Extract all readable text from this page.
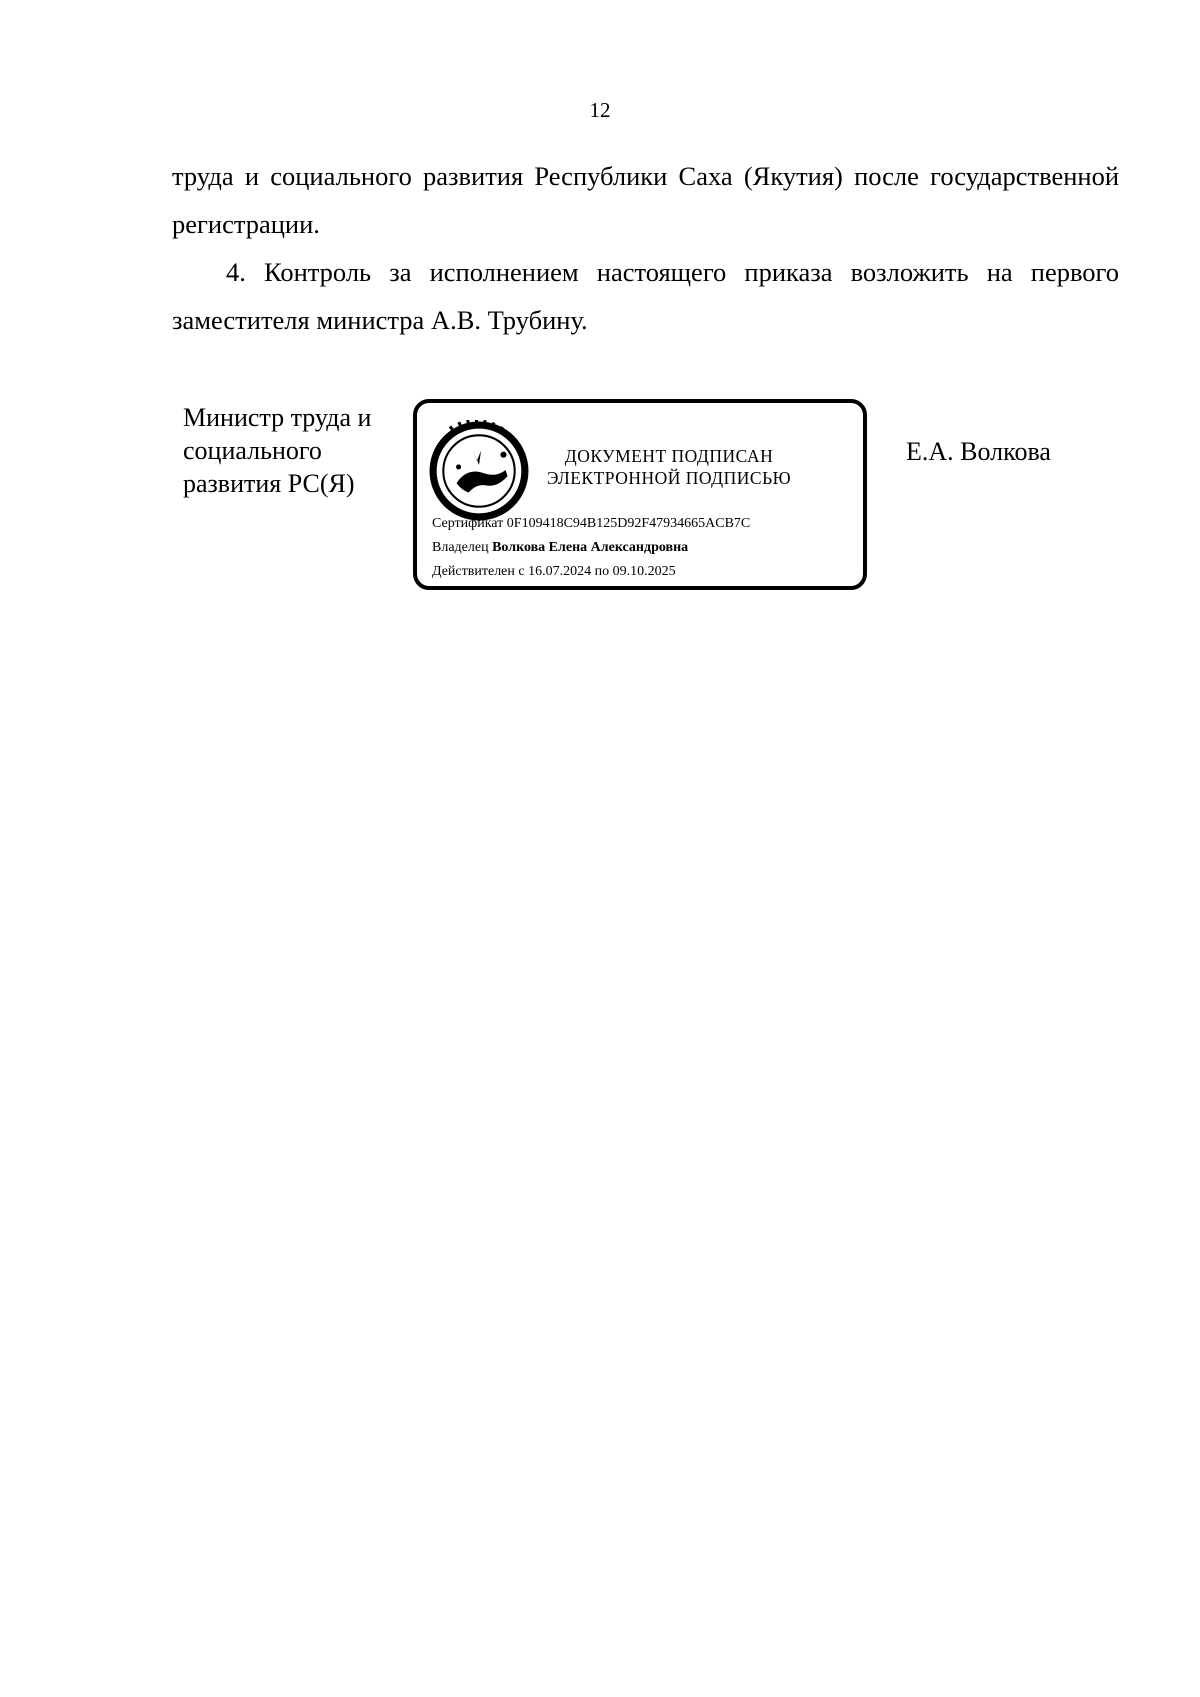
12

труда и социального развития Республики Саха (Якутия) после государственной регистрации.

4. Контроль за исполнением настоящего приказа возложить на первого заместителя министра А.В. Трубину.

Министр труда и
социального
развития РС(Я)
ДОКУМЕНТ ПОДПИСАН
ЭЛЕКТРОННОЙ ПОДПИСЬЮ
Сертификат 0F109418C94B125D92F47934665ACB7C
Владелец Волкова Елена Александровна
Действителен с 16.07.2024 по 09.10.2025
Е.А. Волкова
